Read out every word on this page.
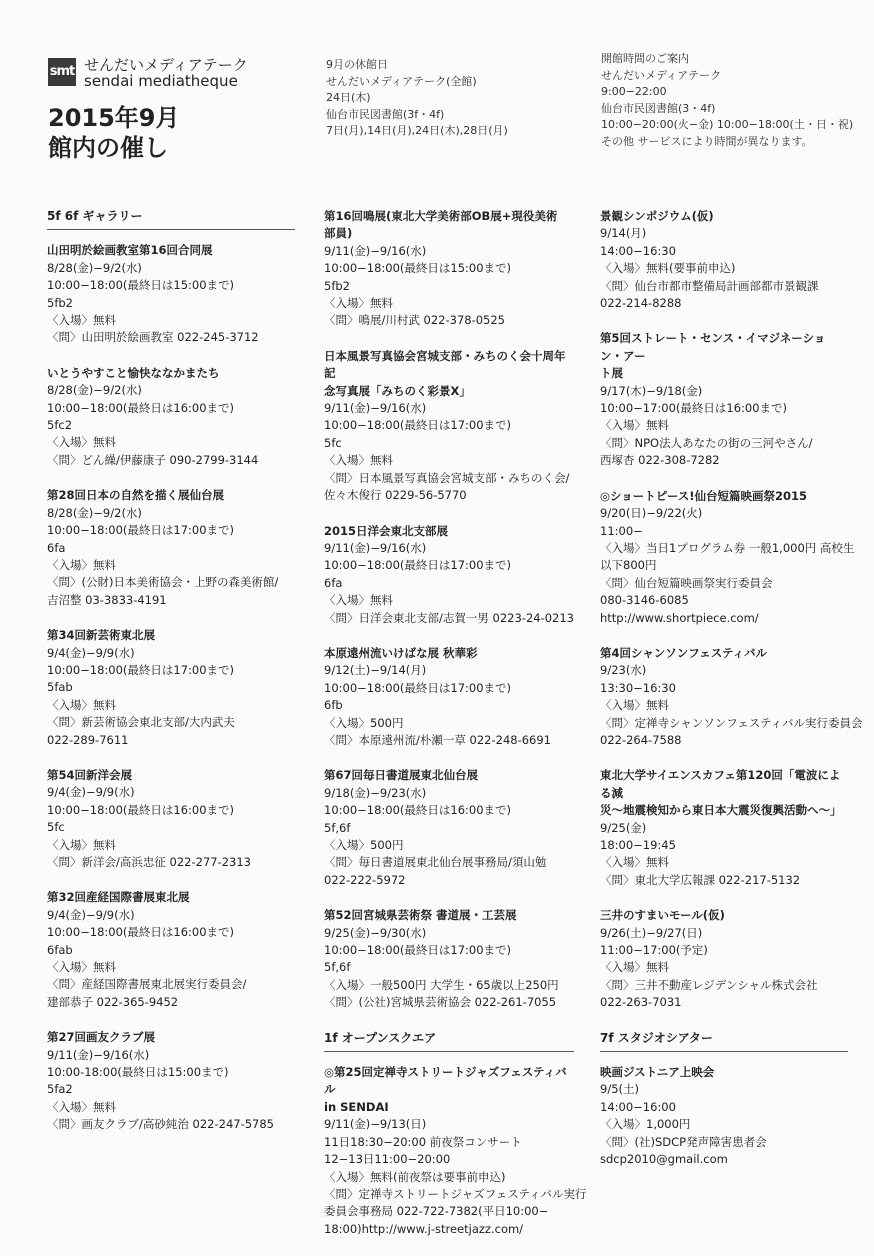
smt せんだいメディアテーク
sendai mediatheque
2015年9月
館内の催し
9月の休館日
せんだいメディアテーク(全館)
24日(木)
仙台市民図書館(3f・4f)
7日(月),14日(月),24日(木),28日(月)
開館時間のご案内
せんだいメディアテーク
9:00−22:00
仙台市民図書館(3・4f)
10:00−20:00(火−金) 10:00−18:00(土・日・祝)
その他 サービスにより時間が異なります。
5f 6f ギャラリー
山田明於絵画教室第16回合同展
8/28(金)−9/2(水)
10:00−18:00(最終日は15:00まで)
5fb2
〈入場〉無料
〈問〉山田明於絵画教室 022-245-3712
いとうやすこと愉快ななかまたち
8/28(金)−9/2(水)
10:00−18:00(最終日は16:00まで)
5fc2
〈入場〉無料
〈問〉どん繰/伊藤康子 090-2799-3144
第28回日本の自然を描く展仙台展
8/28(金)−9/2(水)
10:00−18:00(最終日は17:00まで)
6fa
〈入場〉無料
〈問〉(公財)日本美術協会・上野の森美術館/
吉沼整 03-3833-4191
第34回新芸術東北展
9/4(金)−9/9(水)
10:00−18:00(最終日は17:00まで)
5fab
〈入場〉無料
〈問〉新芸術協会東北支部/大内武夫
022-289-7611
第54回新洋会展
9/4(金)−9/9(水)
10:00−18:00(最終日は16:00まで)
5fc
〈入場〉無料
〈問〉新洋会/高浜忠征 022-277-2313
第32回産経国際書展東北展
9/4(金)−9/9(水)
10:00−18:00(最終日は16:00まで)
6fab
〈入場〉無料
〈問〉産経国際書展東北展実行委員会/
建部恭子 022-365-9452
第27回画友クラブ展
9/11(金)−9/16(水)
10:00-18:00(最終日は15:00まで)
5fa2
〈入場〉無料
〈問〉画友クラブ/高砂純治 022-247-5785
第16回鳴展(東北大学美術部OB展+現役美術
部員)
9/11(金)−9/16(水)
10:00−18:00(最終日は15:00まで)
5fb2
〈入場〉無料
〈問〉鳴展/川村武 022-378-0525
日本風景写真協会宮城支部・みちのく会十周年記
念写真展「みちのく彩景X」
9/11(金)−9/16(水)
10:00−18:00(最終日は17:00まで)
5fc
〈入場〉無料
〈問〉日本風景写真協会宮城支部・みちのく会/
佐々木俊行 0229-56-5770
2015日洋会東北支部展
9/11(金)−9/16(水)
10:00−18:00(最終日は17:00まで)
6fa
〈入場〉無料
〈問〉日洋会東北支部/志賀一男 0223-24-0213
本原遠州流いけばな展 秋華彩
9/12(土)−9/14(月)
10:00−18:00(最終日は17:00まで)
6fb
〈入場〉500円
〈問〉本原遠州流/朴瀬一草 022-248-6691
第67回毎日書道展東北仙台展
9/18(金)−9/23(水)
10:00−18:00(最終日は16:00まで)
5f,6f
〈入場〉500円
〈問〉毎日書道展東北仙台展事務局/須山勉
022-222-5972
第52回宮城県芸術祭 書道展・工芸展
9/25(金)−9/30(水)
10:00−18:00(最終日は17:00まで)
5f,6f
〈入場〉一般500円 大学生・65歳以上250円
〈問〉(公社)宮城県芸術協会 022-261-7055
1f オープンスクエア
◎第25回定禅寺ストリートジャズフェスティバル
in SENDAI
9/11(金)−9/13(日)
11日18:30−20:00 前夜祭コンサート
12−13日11:00−20:00
〈入場〉無料(前夜祭は要事前申込)
〈問〉定禅寺ストリートジャズフェスティバル実行
委員会事務局 022-722-7382(平日10:00−
18:00)http://www.j-streetjazz.com/
景観シンポジウム(仮)
9/14(月)
14:00−16:30
〈入場〉無料(要事前申込)
〈問〉仙台市都市整備局計画部都市景観課
022-214-8288
第5回ストレート・センス・イマジネーション・アー
ト展
9/17(木)−9/18(金)
10:00−17:00(最終日は16:00まで)
〈入場〉無料
〈問〉NPO法人あなたの街の三河やさん/
西塚杏 022-308-7282
◎ショートピース!仙台短篇映画祭2015
9/20(日)−9/22(火)
11:00−
〈入場〉当日1プログラム券 一般1,000円 高校生
以下800円
〈問〉仙台短篇映画祭実行委員会
080-3146-6085
http://www.shortpiece.com/
第4回シャンソンフェスティバル
9/23(水)
13:30−16:30
〈入場〉無料
〈問〉定禅寺シャンソンフェスティバル実行委員会
022-264-7588
東北大学サイエンスカフェ第120回「電波による減
災〜地震検知から東日本大震災復興活動へ〜」
9/25(金)
18:00−19:45
〈入場〉無料
〈問〉東北大学広報課 022-217-5132
三井のすまいモール(仮)
9/26(土)−9/27(日)
11:00−17:00(予定)
〈入場〉無料
〈問〉三井不動産レジデンシャル株式会社
022-263-7031
7f スタジオシアター
映画ジストニア上映会
9/5(土)
14:00−16:00
〈入場〉1,000円
〈問〉(社)SDCP発声障害患者会
sdcp2010@gmail.com
